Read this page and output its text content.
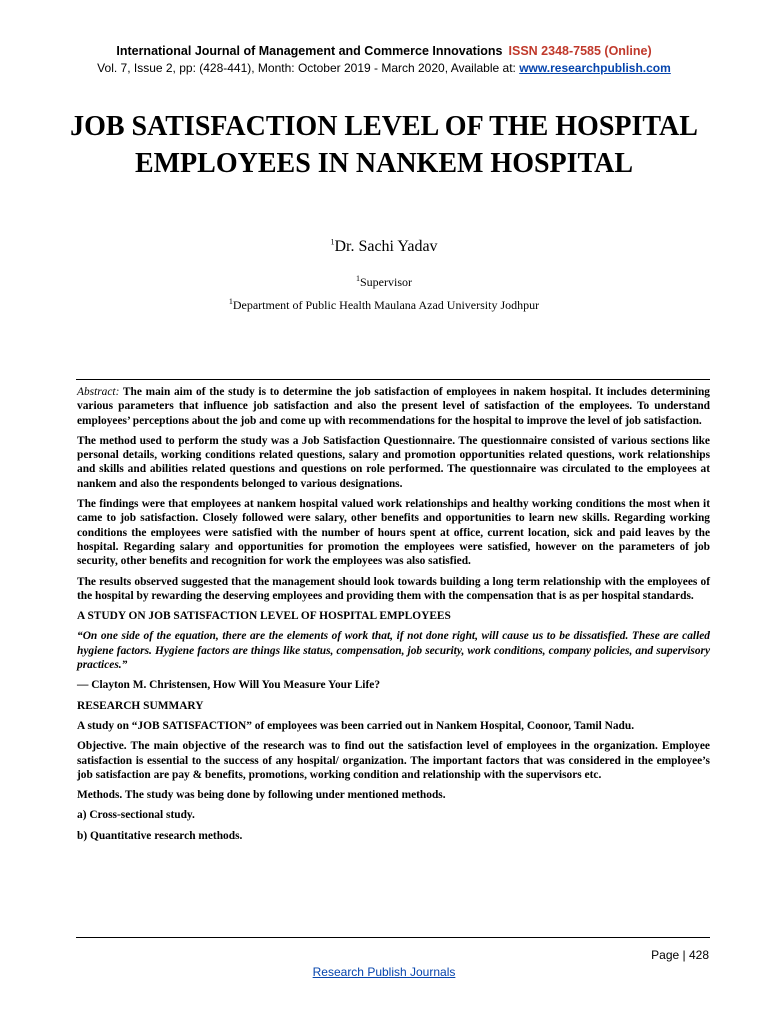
International Journal of Management and Commerce Innovations ISSN 2348-7585 (Online)
Vol. 7, Issue 2, pp: (428-441), Month: October 2019 - March 2020, Available at: www.researchpublish.com
JOB SATISFACTION LEVEL OF THE HOSPITAL EMPLOYEES IN NANKEM HOSPITAL
$^1$Dr. Sachi Yadav
$^1$Supervisor
$^1$Department of Public Health Maulana Azad University Jodhpur

Abstract: The main aim of the study is to determine the job satisfaction of employees in nakem hospital. It includes determining various parameters that influence job satisfaction and also the present level of satisfaction of the employees. To understand employees’ perceptions about the job and come up with recommendations for the hospital to improve the level of job satisfaction.

The method used to perform the study was a Job Satisfaction Questionnaire. The questionnaire consisted of various sections like personal details, working conditions related questions, salary and promotion opportunities related questions, work relationships and skills and abilities related questions and questions on role performed. The questionnaire was circulated to the employees at nankem and also the respondents belonged to various designations.

The findings were that employees at nankem hospital valued work relationships and healthy working conditions the most when it came to job satisfaction. Closely followed were salary, other benefits and opportunities to learn new skills. Regarding working conditions the employees were satisfied with the number of hours spent at office, current location, sick and paid leaves by the hospital. Regarding salary and opportunities for promotion the employees were satisfied, however on the parameters of job security, other benefits and recognition for work the employees was also satisfied.

The results observed suggested that the management should look towards building a long term relationship with the employees of the hospital by rewarding the deserving employees and providing them with the compensation that is as per hospital standards.

A STUDY ON JOB SATISFACTION LEVEL OF HOSPITAL EMPLOYEES

“On one side of the equation, there are the elements of work that, if not done right, will cause us to be dissatisfied. These are called hygiene factors. Hygiene factors are things like status, compensation, job security, work conditions, company policies, and supervisory practices.”

— Clayton M. Christensen, How Will You Measure Your Life?

RESEARCH SUMMARY

A study on “JOB SATISFACTION” of employees was been carried out in Nankem Hospital, Coonoor, Tamil Nadu.

Objective. The main objective of the research was to find out the satisfaction level of employees in the organization. Employee satisfaction is essential to the success of any hospital/ organization. The important factors that was considered in the employee’s job satisfaction are pay & benefits, promotions, working condition and relationship with the supervisors etc.

Methods. The study was being done by following under mentioned methods.

a) Cross-sectional study.

b) Quantitative research methods.

Page | 428
Research Publish Journals
